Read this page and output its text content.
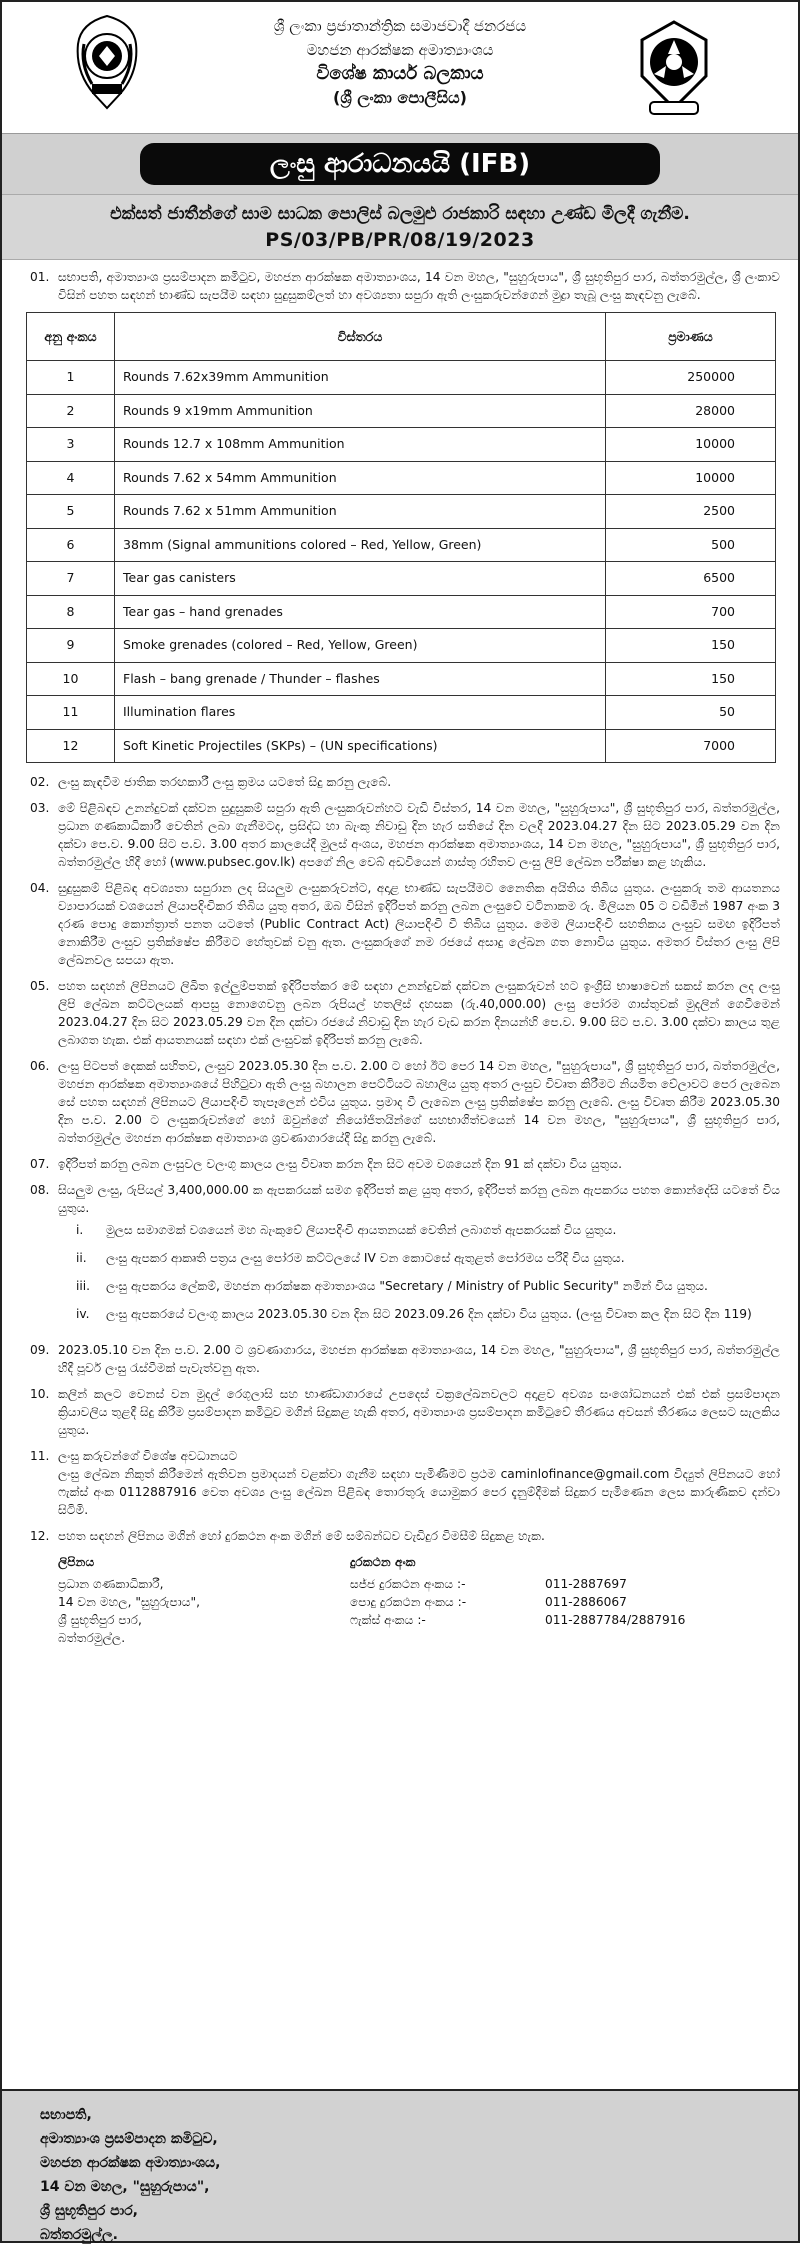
ශ්‍රී ලංකා ප්‍රජාතාන්ත්‍රික සමාජවාදී ජනරජය
මහජන ආරක්ෂක අමාත්‍යාංශය
විශේෂ කාර්ය බලකාය
(ශ්‍රී ලංකා පොලීසිය)
ලංසු ආරාධනයයි (IFB)
එක්සත් ජාතීන්ගේ සාම සාධක පොලිස් බලමුළු රාජකාරි සඳහා උණ්ඩ මිලදී ගැනීම.
PS/03/PB/PR/08/19/2023
01. සභාපති, අමාත්‍යාංශ ප්‍රසම්පාදන කමිටුව, මහජන ආරක්ෂක අමාත්‍යාංශය, 14 වන මහල, "සුහුරුපාය", ශ්‍රී සුභූතිපුර පාර, බත්තරමුල්ල, ශ්‍රී ලංකාව විසින් පහත සඳහන් භාණ්ඩ සැපයීම සඳහා සුදුසුකම්ලත් හා අවශ්‍යතා සපුරා ඇති ලංසුකරුවන්ගෙන් මුද්‍රා තැබූ ලංසු කැඳවනු ලැබේ.
අනු අංකය	විස්තරය	ප්‍රමාණය
1	Rounds 7.62x39mm Ammunition	250000
2	Rounds 9 x19mm Ammunition	28000
3	Rounds 12.7 x 108mm Ammunition	10000
4	Rounds 7.62 x 54mm Ammunition	10000
5	Rounds 7.62 x 51mm Ammunition	2500
6	38mm (Signal ammunitions colored – Red, Yellow, Green)	500
7	Tear gas canisters	6500
8	Tear gas – hand grenades	700
9	Smoke grenades (colored – Red, Yellow, Green)	150
10	Flash – bang grenade / Thunder – flashes	150
11	Illumination flares	50
12	Soft Kinetic Projectiles (SKPs) – (UN specifications)	7000
02. ලංසු කැඳවීම ජාතික තරඟකාරී ලංසු ක්‍රමය යටතේ සිදු කරනු ලැබේ.
03. මේ පිළිබඳව උනන්දුවක් දක්වන සුදුසුකම් සපුරා ඇති ලංසුකරුවන්හට වැඩි විස්තර, 14 වන මහල, "සුහුරුපාය", ශ්‍රී සුභූතිපුර පාර, බත්තරමුල්ල, ප්‍රධාන ගණකාධිකාරී වෙතින් ලබා ගැනීමටද, ප්‍රසිද්ධ හා බැංකු නිවාඩු දින හැර සතියේ දින වලදී 2023.04.27 දින සිට 2023.05.29 වන දින දක්වා පෙ.ව. 9.00 සිට ප.ව. 3.00 අතර කාලයේදී මුලස් අංශය, මහජන ආරක්ෂක අමාත්‍යාංශය, 14 වන මහල, "සුහුරුපාය", ශ්‍රී සුභූතිපුර පාර, බත්තරමුල්ල හිදී හෝ (www.pubsec.gov.lk) අපගේ නිල වෙබ් අඩවියෙන් ගාස්තු රහිතව ලංසු ලිපි ලේඛන පරීක්ෂා කළ හැකිය.
04. සුදුසුකම් පිළිබඳ අවශ්‍යතා සපුරාන ලද සියලුම ලංසුකරුවන්ට, අදාළ භාණ්ඩ සැපයීමට නෛතික අයිතිය තිබිය යුතුය. ලංසුකරු තම ආයතනය ව්‍යාපාරයක් වශයෙන් ලියාපදිංචිකර තිබිය යුතු අතර, ඔබ විසින් ඉදිරිපත් කරනු ලබන ලංසුවේ වටිනාකම රු. මිලියන 05 ට වඩිමින් 1987 අංක 3 දරණ පොදු කොන්ත්‍රාත් පනත යටතේ (Public Contract Act) ලියාපදිංචි වී තිබිය යුතුය. මෙම ලියාපදිංචි සහතිකය ලංසුව සමඟ ඉදිරිපත් නොකිරීම ලංසුව ප්‍රතික්ෂේප කිරීමට හේතුවක් වනු ඇත. ලංසුකරුගේ නම රජයේ අසාදු ලේඛන ගත නොවිය යුතුය. අමතර විස්තර ලංසු ලිපි ලේඛනවල සපයා ඇත.
05. පහත සඳහන් ලිපිනයට ලිඛිත ඉල්ලුම්පතක් ඉදිරිපත්කර මේ සඳහා උනන්දුවක් දක්වන ලංසුකරුවන් හට ඉංග්‍රීසි භාෂාවෙන් සකස් කරන ලද ලංසු ලිපි ලේඛන කට්ටලයක් ආපසු නොගෙවනු ලබන රුපියල් හතලිස් දහසක (රු.40,000.00) ලංසු පෝරම ගාස්තුවක් මුදලින් ගෙවීමෙන් 2023.04.27 දින සිට 2023.05.29 වන දින දක්වා රජයේ නිවාඩු දින හැර වැඩ කරන දිනයන්හි පෙ.ව. 9.00 සිට ප.ව. 3.00 දක්වා කාලය තුළ ලබාගත හැක. එක් ආයතනයක් සඳහා එක් ලංසුවක් ඉදිරිපත් කරනු ලැබේ.
06. ලංසු පිටපත් දෙකක් සහිතව, ලංසුව 2023.05.30 දින ප.ව. 2.00 ට හෝ ඊට පෙර 14 වන මහල, "සුහුරුපාය", ශ්‍රී සුභූතිපුර පාර, බත්තරමුල්ල, මහජන ආරක්ෂක අමාත්‍යාංශයේ පිහිටුවා ඇති ලංසු බහාලන පෙට්ටියට බහාලිය යුතු අතර ලංසුව විවෘත කිරීමට නියමිත වේලාවට පෙර ලැබෙන සේ පහත සඳහන් ලිපිනයට ලියාපදිංචි තැපෑලෙන් එවිය යුතුය. ප්‍රමාද වී ලැබෙන ලංසු ප්‍රතික්ෂේප කරනු ලැබේ. ලංසු විවෘත කිරීම 2023.05.30 දින ප.ව. 2.00 ට ලංසුකරුවන්ගේ හෝ ඔවුන්ගේ නියෝජිතයින්ගේ සහභාගිත්වයෙන් 14 වන මහල, "සුහුරුපාය", ශ්‍රී සුභූතිපුර පාර, බත්තරමුල්ල මහජන ආරක්ෂක අමාත්‍යාංශ ශ්‍රවණාගාරයේදී සිදු කරනු ලැබේ.
07. ඉදිරිපත් කරනු ලබන ලංසුවල වලංගු කාලය ලංසු විවෘත කරන දින සිට අවම වශයෙන් දින 91 ක් දක්වා විය යුතුය.
08. සියලුම ලංසු, රුපියල් 3,400,000.00 ක ඇපකරයක් සමග ඉදිරිපත් කළ යුතු අතර, ඉදිරිපත් කරනු ලබන ඇපකරය පහත කොන්දේසි යටතේ විය යුතුය.
i.	මුලස සමාගමක් වශයෙන් මහ බැංකුවේ ලියාපදිංචි ආයතනයක් වෙතින් ලබාගත් ඇපකරයක් විය යුතුය.
ii.	ලංසු ඇපකර ආකෘති පත්‍රය ලංසු පෝරම කට්ටලයේ IV වන කොටසේ ඇතුළත් පෝරමය පරිදි විය යුතුය.
iii.	ලංසු ඇපකරය ලේකම්, මහජන ආරක්ෂක අමාත්‍යාංශය "Secretary / Ministry of Public Security" නමින් විය යුතුය.
iv.	ලංසු ඇපකරයේ වලංගු කාලය 2023.05.30 වන දින සිට 2023.09.26 දින දක්වා විය යුතුය. (ලංසු විවෘත කල දින සිට දින 119)
09. 2023.05.10 වන දින ප.ව. 2.00 ට ශ්‍රවණාගාරය, මහජන ආරක්ෂක අමාත්‍යාංශය, 14 වන මහල, "සුහුරුපාය", ශ්‍රී සුභූතිපුර පාර, බත්තරමුල්ල හිදී පූර්ව ලංසු රැස්වීමක් පැවැත්වනු ඇත.
10. කලින් කලට වෙනස් වන මුදල් රෙගුලාසි සහ භාණ්ඩාගාරයේ උපදෙස් චක්‍රලේඛනවලට අදාළව අවශ්‍ය සංශෝධනයන් එක් එක් ප්‍රසම්පාදන ක්‍රියාවලිය තුළදී සිදු කිරීම ප්‍රසම්පාදන කමිටුව මගින් සිදුකළ හැකි අතර, අමාත්‍යාංශ ප්‍රසම්පාදන කමිටුවේ තීරණය අවසන් තීරණය ලෙසට සැලකිය යුතුය.
11. ලංසු කරුවන්ගේ විශේෂ අවධානයට
ලංසු ලේඛන නිකුත් කිරීමෙන් ඇතිවන ප්‍රමාදයන් වළක්වා ගැනීම සඳහා පැමිණීමට ප්‍රථම caminlofinance@gmail.com විද්‍යුත් ලිපිනයට හෝ ෆැක්ස් අංක 0112887916 වෙත අවශ්‍ය ලංසු ලේඛන පිළිබඳ තොරතුරු යොමුකර පෙර දැනුම්දීමක් සිදුකර පැමිණෙන ලෙස කාරුණිකව දන්වා සිටිමි.
12. පහත සඳහන් ලිපිනය මගින් හෝ දුරකථන අංක මගින් මේ සම්බන්ධව වැඩිදුර විමසීම් සිදුකළ හැක.
ලිපිනය
ප්‍රධාන ගණකාධිකාරී,
14 වන මහල, "සුහුරුපාය",
ශ්‍රී සුභූතිපුර පාර,
බත්තරමුල්ල.
දුරකථන අංක
සජ්ජ දුරකථන අංකය :-	011-2887697
පොදු දුරකථන අංකය :-	011-2886067
ෆැක්ස් අංකය :-	011-2887784/2887916
සභාපති,
අමාත්‍යාංශ ප්‍රසම්පාදන කමිටුව,
මහජන ආරක්ෂක අමාත්‍යාංශය,
14 වන මහල, "සුහුරුපාය",
ශ්‍රී සුභූතිපුර පාර,
බත්තරමුල්ල.
